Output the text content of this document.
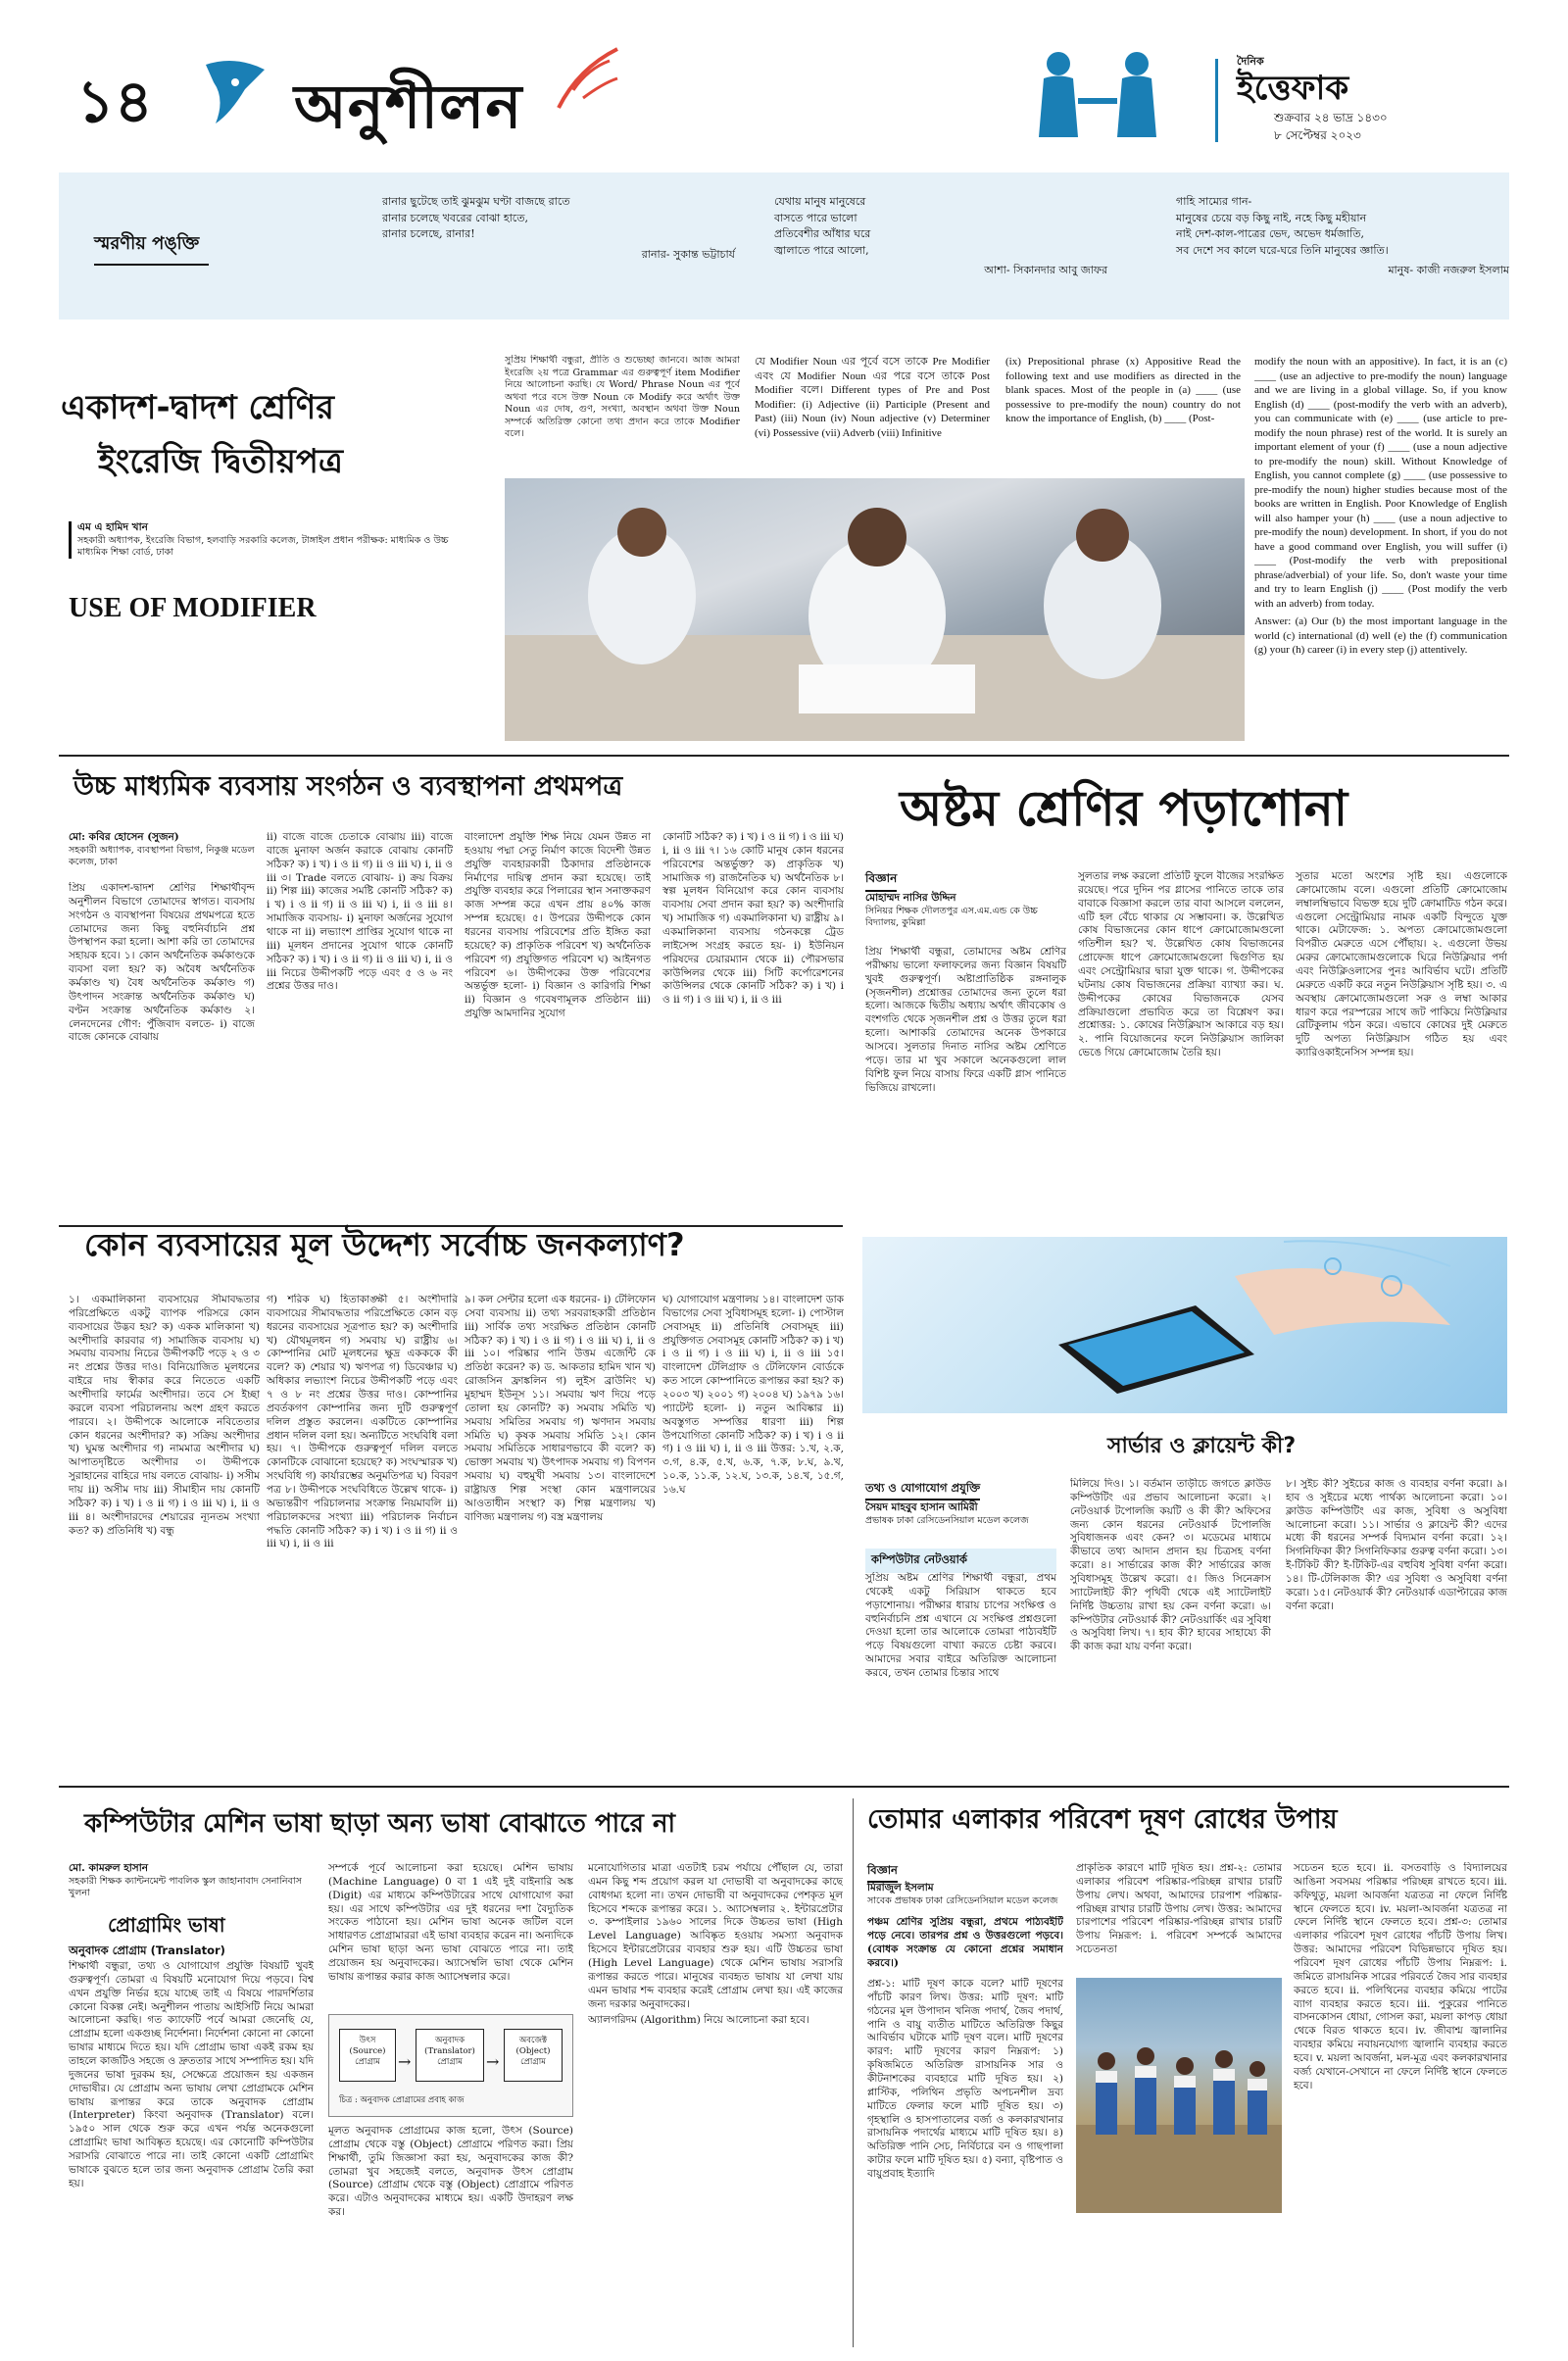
১৪ অনুশীলন
দৈনিক
ইত্তেফাক
শুক্রবার ২৪ ভাদ্র ১৪৩০
৮ সেপ্টেম্বর ২০২৩
স্মরণীয় পঙ্‌ক্তি
রানার ছুটেছে তাই ঝুমঝুম ঘণ্টা বাজছে রাতে
রানার চলেছে খবরের বোঝা হাতে,
রানার চলেছে, রানার!
রানার- সুকান্ত ভট্টাচার্য
যেথায় মানুষ মানুষেরে
বাসতে পারে ভালো
প্রতিবেশীর আঁধার ঘরে
জ্বালাতে পারে আলো,
আশা- সিকানদার আবু জাফর
গাহি সাম্যের গান-
মানুষের চেয়ে বড় কিছু নাই, নহে কিছু মহীয়ান
নাই দেশ-কাল-পাত্রের ভেদ, অভেদ ধর্মজাতি,
সব দেশে সব কালে ঘরে-ঘরে তিনি মানুষের জ্ঞাতি।
মানুষ- কাজী নজরুল ইসলাম
একাদশ-দ্বাদশ শ্রেণির
ইংরেজি দ্বিতীয়পত্র
এম এ হামিদ খান
সহকারী অধ্যাপক, ইংরেজি বিভাগ, হলবাড়ি সরকারি কলেজ, টাঙ্গাইল প্রধান পরীক্ষক: মাধ্যমিক ও উচ্চ মাধ্যমিক শিক্ষা বোর্ড, ঢাকা
USE OF MODIFIER
সুপ্রিয় শিক্ষার্থী বন্ধুরা, প্রীতি ও শুভেচ্ছা জানবে। আজ আমরা ইংরেজি ২য় পত্রে Grammar এর গুরুত্বপূর্ণ item Modifier নিয়ে আলোচনা করছি। যে Word/ Phrase Noun এর পূর্বে অথবা পরে বসে উক্ত Noun কে Modify করে অর্থাৎ উক্ত Noun এর দোষ, গুণ, সংখ্যা, অবস্থান অথবা উক্ত Noun সম্পর্কে অতিরিক্ত কোনো তথ্য প্রদান করে তাকে Modifier বলে।
যে Modifier Noun এর পূর্বে বসে তাকে Pre Modifier এবং যে Modifier Noun এর পরে বসে তাকে Post Modifier বলে। Different types of Pre and Post Modifier: (i) Adjective (ii) Participle (Present and Past) (iii) Noun (iv) Noun adjective (v) Determiner (vi) Possessive (vii) Adverb (viii) Infinitive
(ix) Prepositional phrase (x) Appositive Read the following text and use modifiers as directed in the blank spaces. Most of the people in (a) ____ (use possessive to pre-modify the noun) country do not know the importance of English, (b) ____ (Post-
modify the noun with an appositive). In fact, it is an (c) ____ (use an adjective to pre-modify the noun) language and we are living in a global village. So, if you know English (d) ____ (post-modify the verb with an adverb), you can communicate with (e) ____ (use article to pre-modify the noun phrase) rest of the world. It is surely an important element of your (f) ____ (use a noun adjective to pre-modify the noun) skill. Without Knowledge of English, you cannot complete (g) ____ (use possessive to pre-modify the noun) higher studies because most of the books are written in English. Poor Knowledge of English will also hamper your (h) ____ (use a noun adjective to pre-modify the noun) development. In short, if you do not have a good command over English, you will suffer (i) ____ (Post-modify the verb with prepositional phrase/adverbial) of your life. So, don't waste your time and try to learn English (j) ____ (Post modify the verb with an adverb) from today.
Answer: (a) Our (b) the most important language in the world (c) international (d) well (e) the (f) communication (g) your (h) career (i) in every step (j) attentively.
উচ্চ মাধ্যমিক ব্যবসায় সংগঠন ও ব্যবস্থাপনা প্রথমপত্র
মো: কবির হোসেন (সুজন)
সহকারী অধ্যাপক, ব্যবস্থাপনা বিভাগ, নিকুঞ্জ মডেল কলেজ, ঢাকা
প্রিয় একাদশ-দ্বাদশ শ্রেণির শিক্ষার্থীবৃন্দ অনুশীলন বিভাগে তোমাদের স্বাগত। ব্যবসায় সংগঠন ও ব্যবস্থাপনা বিষয়ের প্রথমপত্রে হতে তোমাদের জন্য কিছু বহুনির্বাচনি প্রশ্ন উপস্থাপন করা হলো। আশা করি তা তোমাদের সহায়ক হবে। ১। কোন অর্থনৈতিক কর্মকাণ্ডকে ব্যবসা বলা হয়? ক) অবৈধ অর্থনৈতিক কর্মকাণ্ড খ) বৈধ অর্থনৈতিক কর্মকাণ্ড গ) উৎপাদন সংক্রান্ত অর্থনৈতিক কর্মকাণ্ড ঘ) বণ্টন সংক্রান্ত অর্থনৈতিক কর্মকাণ্ড ২। লেনদেনের গৌণ: পুঁজিবাদ বলতে- i) বাজে বাজে কোনকে বোঝায়
ii) বাজে বাজে চেতাকে বোঝায় iii) বাজে বাজে মুনাফা অর্জন করাকে বোঝায় কোনটি সঠিক? ক) i খ) i ও ii গ) ii ও iii ঘ) i, ii ও iii ৩। Trade বলতে বোঝায়- i) ক্রয় বিক্রয় ii) শিল্প iii) কাজের সমষ্টি কোনটি সঠিক? ক) i খ) i ও ii গ) ii ও iii ঘ) i, ii ও iii ৪। সামাজিক ব্যবসায়- i) মুনাফা অর্জনের সুযোগ থাকে না ii) লভ্যাংশ প্রাপ্তির সুযোগ থাকে না iii) মূলধন প্রদানের সুযোগ থাকে কোনটি সঠিক? ক) i খ) i ও ii গ) ii ও iii ঘ) i, ii ও iii নিচের উদ্দীপকটি পড়ে এবং ৫ ও ৬ নং প্রশ্নের উত্তর দাও।
বাংলাদেশ প্রযুক্তি শিক্ষ নিয়ে যেমন উন্নত না হওয়ায় পদ্মা সেতু নির্মাণ কাজে বিদেশী উন্নত প্রযুক্তি ব্যবহারকারী ঠিকাদার প্রতিষ্ঠানকে নির্মাণের দায়িত্ব প্রদান করা হয়েছে। তাই প্রযুক্তি ব্যবহার করে পিলারের স্থান সনাক্তকরণ কাজ সম্পন্ন করে এখন প্রায় ৪০% কাজ সম্পন্ন হয়েছে। ৫। উপরের উদ্দীপকে কোন ধরনের ব্যবসায় পরিবেশের প্রতি ইঙ্গিত করা হয়েছে? ক) প্রাকৃতিক পরিবেশ খ) অর্থনৈতিক পরিবেশ গ) প্রযুক্তিগত পরিবেশ ঘ) আইনগত পরিবেশ ৬। উদ্দীপকের উক্ত পরিবেশের অন্তর্ভুক্ত হলো- i) বিজ্ঞান ও কারিগরি শিক্ষা ii) বিজ্ঞান ও গবেষণামূলক প্রতিষ্ঠান iii) প্রযুক্তি আমদানির সুযোগ
কোনটি সঠিক? ক) i খ) i ও ii গ) i ও iii ঘ) i, ii ও iii ৭। ১৬ কোটি মানুষ কোন ধরনের পরিবেশের অন্তর্ভুক্ত? ক) প্রাকৃতিক খ) সামাজিক গ) রাজনৈতিক ঘ) অর্থনৈতিক ৮। স্বল্প মূলধন বিনিয়োগ করে কোন ব্যবসায় ব্যবসায় সেবা প্রদান করা হয়? ক) অংশীদারি খ) সামাজিক গ) একমালিকানা ঘ) রাষ্ট্রীয় ৯। একমালিকানা ব্যবসায় গঠনকল্পে ট্রেড লাইসেন্স সংগ্রহ করতে হয়- i) ইউনিয়ন পরিষদের চেয়ারম্যান থেকে ii) পৌরসভার কাউন্সিলর থেকে iii) সিটি কর্পোরেশনের কাউন্সিলর থেকে কোনটি সঠিক? ক) i খ) i ও ii গ) i ও iii ঘ) i, ii ও iii
অষ্টম শ্রেণির পড়াশোনা
বিজ্ঞান
মোহাম্মদ নাসির উদ্দিন
সিনিয়র শিক্ষক দৌলতপুর এস.এম.এন্ড কে উচ্চ বিদ্যালয়, কুমিল্লা
প্রিয় শিক্ষার্থী বন্ধুরা, তোমাদের অষ্টম শ্রেণির পরীক্ষায় ভালো ফলাফলের জন্য বিজ্ঞান বিষয়টি খুবই গুরুত্বপূর্ণ। অষ্টাপ্রাতিষ্ঠিক রঙ্গনালুক (সৃজনশীল) প্রশ্নোত্তর তোমাদের জন্য তুলে ধরা হলো। আজকে দ্বিতীয় অধ্যায় অর্থাৎ জীবকোষ ও বংশগতি থেকে সৃজনশীল প্রশ্ন ও উত্তর তুলে ধরা হলো। আশাকরি তোমাদের অনেক উপকারে আসবে। সুলতার দিনাত নাসির অষ্টম শ্রেণিতে পড়ে। তার মা খুব সকালে অনেকগুলো লাল বিশিষ্ট ফুল নিয়ে বাসায় ফিরে একটি গ্লাস পানিতে ভিজিয়ে রাখলো।
সুলতার লক্ষ করলো প্রতিটি ফুলে বীজের সংরক্ষিত রয়েছে। পরে দুদিন পর গ্লাসের পানিতে তাকে তার বাবাকে বিজ্ঞাসা করলে তার বাবা আসলে বললেন, এটি হল বেঁচে থাকার যে সম্ভাবনা। ক. উল্লেখিত কোষ বিভাজনের কোন ধাপে ক্রোমোজোমগুলো গতিশীল হয়? খ. উল্লেখিত কোষ বিভাজনের প্রোফেজ ধাপে ক্রোমোজোমগুলো দ্বিগুণিত হয় এবং সেন্ট্রোমিয়ার দ্বারা যুক্ত থাকে। গ. উদ্দীপকের ঘটনায় কোষ বিভাজনের প্রক্রিয়া ব্যাখ্যা কর। ঘ. উদ্দীপকের কোষের বিভাজনকে যেসব প্রক্রিয়াগুলো প্রভাবিত করে তা বিশ্লেষণ কর। প্রশ্নোত্তর: ১. কোষের নিউক্লিয়াস আকারে বড় হয়। ২. পানি বিয়োজনের ফলে নিউক্লিয়াস জালিকা ভেঙে গিয়ে ক্রোমোজোম তৈরি হয়।
সুতার মতো অংশের সৃষ্টি হয়। এগুলোকে ক্রোমোজোম বলে। এগুলো প্রতিটি ক্রোমোজোম লম্বালম্বিভাবে বিভক্ত হয়ে দুটি ক্রোমাটিড গঠন করে। এগুলো সেন্ট্রোমিয়ার নামক একটি বিন্দুতে যুক্ত থাকে। মেটাফেজ: ১. অপত্য ক্রোমোজোমগুলো বিপরীত মেরুতে এসে পৌঁছায়। ২. এগুলো উভয় মেরুর ক্রোমোজোমগুলোকে ঘিরে নিউক্লিয়ার পর্দা এবং নিউক্লিওলাসের পুনঃ আবির্ভাব ঘটে। প্রতিটি মেরুতে একটি করে নতুন নিউক্লিয়াস সৃষ্টি হয়। ৩. এ অবস্থায় ক্রোমোজোমগুলো সরু ও লম্বা আকার ধারণ করে পরস্পরের সাথে জট পাকিয়ে নিউক্লিয়ার রেটিকুলাম গঠন করে। এভাবে কোষের দুই মেরুতে দুটি অপত্য নিউক্লিয়াস গঠিত হয় এবং ক্যারিওকাইনেসিস সম্পন্ন হয়।
কোন ব্যবসায়ের মূল উদ্দেশ্য সর্বোচ্চ জনকল্যাণ?
১। একমালিকানা ব্যবসায়ের সীমাবদ্ধতার পরিপ্রেক্ষিতে একটু ব্যাপক পরিসরে কোন ব্যবসায়ের উদ্ভব হয়? ক) একক মালিকানা খ) অংশীদারি কারবার গ) সামাজিক ব্যবসায় ঘ) সমবায় ব্যবসায় নিচের উদ্দীপকটি পড়ে ২ ও ৩ নং প্রশ্নের উত্তর দাও। বিনিয়োজিত মূলধনের বাইরে দায় স্বীকার করে নিতেতে একটি অংশীদারি ফার্মের অংশীদার। তবে সে ইচ্ছা করলে ব্যবসা পরিচালনায় অংশ গ্রহণ করতে পারবে। ২। উদ্দীপকে আলোকে নবিতেতার কোন ধরনের অংশীদার? ক) সক্রিয় অংশীদার খ) ঘুমন্ত অংশীদার গ) নামমাত্র অংশীদার ঘ) আপাতদৃষ্টিতে অংশীদার ৩। উদ্দীপকে সুরাহানের বাহিরে দায় বলতে বোঝায়- i) সসীম দায় ii) অসীম দায় iii) সীমাহীন দায় কোনটি সঠিক? ক) i খ) i ও ii গ) i ও iii ঘ) i, ii ও iii ৪। অংশীদারদের শেয়ারের ন্যূনতম সংখ্যা কত? ক) প্রতিনিধি খ) বন্ধু
গ) শরিক ঘ) হিতাকাঙ্ক্ষী ৫। অংশীদারি ব্যবসায়ের সীমাবদ্ধতার পরিপ্রেক্ষিতে কোন বড় ধরনের ব্যবসায়ের সূত্রপাত হয়? ক) অংশীদারি খ) যৌথমূলধন গ) সমবায় ঘ) রাষ্ট্রীয় ৬। কোম্পানির মোট মূলধনের ক্ষুদ্র একককে কী বলে? ক) শেয়ার খ) ঋণপত্র গ) ডিবেঞ্চার ঘ) অধিকার লভ্যাংশ নিচের উদ্দীপকটি পড়ে এবং ৭ ও ৮ নং প্রশ্নের উত্তর দাও। কোম্পানির প্রবর্তকগণ কোম্পানির জন্য দুটি গুরুত্বপূর্ণ দলিল প্রস্তুত করলেন। একটিতে কোম্পানির প্রধান দলিল বলা হয়। অন্যটিতে সংঘবিধি বলা হয়। ৭। উদ্দীপকে গুরুত্বপূর্ণ দলিল বলতে কোনটিকে বোঝানো হয়েছে? ক) সংঘস্মারক খ) সংঘবিধি গ) কার্যারম্ভের অনুমতিপত্র ঘ) বিবরণ পত্র ৮। উদ্দীপকে সংঘবিধিতে উল্লেখ থাকে- i) অভ্যন্তরীণ পরিচালনার সংক্রান্ত নিয়মাবলি ii) পরিচালকদের সংখ্যা iii) পরিচালক নির্বাচন পদ্ধতি কোনটি সঠিক? ক) i খ) i ও ii গ) ii ও iii ঘ) i, ii ও iii
৯। কল সেন্টার হলো এক ধরনের- i) টেলিফোন সেবা ব্যবসায় ii) তথ্য সরবরাহকারী প্রতিষ্ঠান iii) সার্বিক তথ্য সংরক্ষিত প্রতিষ্ঠান কোনটি সঠিক? ক) i খ) i ও ii গ) i ও iii ঘ) i, ii ও iii ১০। পরিষ্কার পানি উত্তম এজেন্টি কে প্রতিষ্ঠা করেন? ক) ড. আকতার হামিদ খান খ) রোজসিন ফ্রাঙ্কলিন গ) লুইস ব্রাউনিং ঘ) মুহাম্মদ ইউনূস ১১। সমবায় ঋণ দিয়ে পড়ে তোলা হয় কোনটি? ক) সমবায় সমিতি খ) সমবায় সমিতির সমবায় গ) ঋণদান সমবায় সমিতি ঘ) কৃষক সমবায় সমিতি ১২। কোন সমবায় সমিতিকে সাধারণভাবে কী বলে? ক) ভোক্তা সমবায় খ) উৎপাদক সমবায় গ) বিপণন সমবায় ঘ) বহুমুখী সমবায় ১৩। বাংলাদেশে রাষ্ট্রায়ত্ত শিল্প সংস্থা কোন মন্ত্রণালয়ের আওতাধীন সংস্থা? ক) শিল্প মন্ত্রণালয় খ) বাণিজ্য মন্ত্রণালয় গ) বস্ত্র মন্ত্রণালয়
ঘ) যোগাযোগ মন্ত্রণালয় ১৪। বাংলাদেশ ডাক বিভাগের সেবা সুবিধাসমূহ হলো- i) পোস্টাল সেবাসমূহ ii) প্রতিনিধি সেবাসমূহ iii) প্রযুক্তিগত সেবাসমূহ কোনটি সঠিক? ক) i খ) i ও ii গ) i ও iii ঘ) i, ii ও iii ১৫। বাংলাদেশ টেলিগ্রাফ ও টেলিফোন বোর্ডকে কত সালে কোম্পানিতে রূপান্তর করা হয়? ক) ২০০৩ খ) ২০০১ গ) ২০০৪ ঘ) ১৯৭৯ ১৬। প্যাটেন্ট হলো- i) নতুন আবিষ্কার ii) অবস্তুগত সম্পত্তির ধারণা iii) শিল্প উপযোগিতা কোনটি সঠিক? ক) i খ) i ও ii গ) i ও iii ঘ) i, ii ও iii উত্তর: ১.খ, ২.ক, ৩.গ, ৪.ক, ৫.খ, ৬.ক, ৭.ক, ৮.ঘ, ৯.খ, ১০.ক, ১১.ক, ১২.ঘ, ১৩.ক, ১৪.খ, ১৫.গ, ১৬.ঘ
সার্ভার ও ক্লায়েন্ট কী?
তথ্য ও যোগাযোগ প্রযুক্তি
সৈয়দ মাহবুব হাসান আমিরী
প্রভাষক ঢাকা রেসিডেনসিয়াল মডেল কলেজ
কম্পিউটার নেটওয়ার্ক
সুপ্রিয় অষ্টম শ্রেণির শিক্ষার্থী বন্ধুরা, প্রথম থেকেই একটু সিরিয়াস থাকতে হবে পড়াশোনায়। পরীক্ষার ধারায় চাপের সংক্ষিপ্ত ও বহুনির্বাচনি প্রশ্ন এখানে যে সংক্ষিপ্ত প্রশ্নগুলো দেওয়া হলো তার আলোকে তোমরা পাঠ্যবইটি পড়ে বিষয়গুলো বাখ্যা করতে চেষ্টা করবে। আমাদের সবার বাইরে অতিরিক্ত আলোচনা করবে, তখন তোমার চিন্তার সাথে
মিলিয়ে দিও। ১। বর্তমান তাড়ীচে জগতে ক্লাউড কম্পিউটিং এর প্রভাব আলোচনা করো। ২। নেটওয়ার্ক টপোলজি কয়টি ও কী কী? অফিসের জন্য কোন ধরনের নেটওয়ার্ক টপোলজি সুবিধাজনক এবং কেন? ৩। মডেমের মাধ্যমে কীভাবে তথ্য আদান প্রদান হয় চিত্রসহ বর্ণনা করো। ৪। সার্ভারের কাজ কী? সার্ভারের কাজ সুবিধাসমূহ উল্লেখ করো। ৫। জিও সিনেক্রাস স্যাটেলাইট কী? পৃথিবী থেকে এই স্যাটেলাইট নির্দিষ্ট উচ্চতায় রাখা হয় কেন বর্ণনা করো। ৬। কম্পিউটার নেটওয়ার্ক কী? নেটওয়ার্কিং এর সুবিধা ও অসুবিধা লিখ। ৭। হাব কী? হাবের সাহায্যে কী কী কাজ করা যায় বর্ণনা করো।
৮। সুইচ কী? সুইচের কাজ ও ব্যবহার বর্ণনা করো। ৯। হাব ও সুইচের মধ্যে পার্থক্য আলোচনা করো। ১০। ক্লাউড কম্পিউটিং এর কাজ, সুবিধা ও অসুবিধা আলোচনা করো। ১১। সার্ভার ও ক্লায়েন্ট কী? এদের মধ্যে কী ধরনের সম্পর্ক বিদ্যমান বর্ণনা করো। ১২। সিগনিফিকা কী? সিগনিফিকার গুরুত্ব বর্ণনা করো। ১৩। ই-টিকিট কী? ই-টিকিট-এর বহুবিধ সুবিধা বর্ণনা করো। ১৪। টি-টেলিকাজ কী? এর সুবিধা ও অসুবিধা বর্ণনা করো। ১৫। নেটওয়ার্ক কী? নেটওয়ার্ক এডাপ্টারের কাজ বর্ণনা করো।
কম্পিউটার মেশিন ভাষা ছাড়া অন্য ভাষা বোঝাতে পারে না
মো. কামরুল হাসান
সহকারী শিক্ষক ক্যান্টনমেন্ট পাবলিক স্কুল জাহানাবাদ সেনানিবাস খুলনা
প্রোগ্রামিং ভাষা
অনুবাদক প্রোগ্রাম (Translator)
শিক্ষার্থী বন্ধুরা, তথ্য ও যোগাযোগ প্রযুক্তি বিষয়টি খুবই গুরুত্বপূর্ণ। তোমরা এ বিষয়টি মনোযোগ দিয়ে পড়বে। বিশ্ব এখন প্রযুক্তি নির্ভর হয়ে যাচ্ছে তাই এ বিষয়ে পারদর্শিতার কোনো বিকল্প নেই। অনুশীলন পাতায় আইসিটি নিয়ে আমরা আলোচনা করছি। গত ক্যাফেটি পর্বে আমরা জেনেছি যে, প্রোগ্রাম হলো একগুচ্ছ নির্দেশনা। নির্দেশনা কোনো না কোনো ভাষার মাধ্যমে দিতে হয়। যদি প্রোগ্রাম ভাষা একই রকম হয় তাহলে কাজটিও সহজে ও দ্রুততার সাথে সম্পাদিত হয়। যদি দুজনের ভাষা দুরকম হয়, সেক্ষেত্রে প্রয়োজন হয় একজন দোভাষীর। যে প্রোগ্রাম অন্য ভাষায় লেখা প্রোগ্রামকে মেশিন ভাষায় রূপান্তর করে তাকে অনুবাদক প্রোগ্রাম (Interpreter) কিংবা অনুবাদক (Translator) বলে। ১৯৫০ সাল থেকে শুরু করে এখন পর্যন্ত অনেকগুলো প্রোগ্রামিং ভাষা আবিষ্কৃত হয়েছে। এর কোনোটি কম্পিউটার সরাসরি বোঝাতে পারে না। তাই কোনো একটি প্রোগ্রামিং ভাষাকে বুঝতে হলে তার জন্য অনুবাদক প্রোগ্রাম তৈরি করা হয়।
সম্পর্কে পূর্বে আলোচনা করা হয়েছে। মেশিন ভাষায় (Machine Language) 0 বা 1 এই দুই বাইনারি অঙ্ক (Digit) এর মাধ্যমে কম্পিউটারের সাথে যোগাযোগ করা হয়। এর সাথে কম্পিউটার এর দুই ধরনের দশা বৈদ্যুতিক সংকেত পাঠানো হয়। মেশিন ভাষা অনেক জটিল বলে সাধারণত প্রোগ্রামাররা এই ভাষা ব্যবহার করেন না। অন্যদিকে মেশিন ভাষা ছাড়া অন্য ভাষা বোঝতে পারে না। তাই প্রয়োজন হয় অনুবাদকের। অ্যাসেম্বলি ভাষা থেকে মেশিন ভাষায় রূপান্তর করার কাজ অ্যাসেম্বলার করে।
উৎস
(Source)
প্রোগ্রাম	→
অনুবাদক
(Translator)
প্রোগ্রাম	→
অবজেক্ট
(Object)
প্রোগ্রাম
চিত্র : অনুবাদক প্রোগ্রামের প্রবাহ কাজ
মূলত অনুবাদক প্রোগ্রামের কাজ হলো, উৎস (Source) প্রোগ্রাম থেকে বস্তু (Object) প্রোগ্রামে পরিণত করা। প্রিয় শিক্ষার্থী, তুমি জিজ্ঞাসা করা হয়, অনুবাদকের কাজ কী? তোমরা খুব সহজেই বলতে, অনুবাদক উৎস প্রোগ্রাম (Source) প্রোগ্রাম থেকে বস্তু (Object) প্রোগ্রামে পরিণত করে। এটাও অনুবাদকের মাধ্যমে হয়। একটি উদাহরণ লক্ষ কর।
মনোযোগিতার মাত্রা এতটাই চরম পর্যায়ে পৌঁছাল যে, তারা এমন কিছু শব্দ প্রয়োগ করল যা দোভাষী বা অনুবাদকের কাছে বোধগম্য হলো না। তখন দোভাষী বা অনুবাদকের পেশকৃত মূল হিসেবে শব্দকে রূপান্তর করে। ১. অ্যাসেম্বলার ২. ইন্টারপ্রেটার ৩. কম্পাইলার ১৯৬০ সালের দিকে উচ্চতর ভাষা (High Level Language) আবিষ্কৃত হওয়ায় সমস্যা অনুবাদক হিসেবে ইন্টারপ্রেটারের ব্যবহার শুরু হয়। এটি উচ্চতর ভাষা (High Level Language) থেকে মেশিন ভাষায় সরাসরি রূপান্তর করতে পারে। মানুষের ব্যবহৃত ভাষায় যা লেখা যায় এমন ভাষার শব্দ ব্যবহার করেই প্রোগ্রাম লেখা হয়। এই কাজের জন্য দরকার অনুবাদকের।
অ্যালগরিদম (Algorithm) নিয়ে আলোচনা করা হবে।
তোমার এলাকার পরিবেশ দূষণ রোধের উপায়
বিজ্ঞান
মিরাজুল ইসলাম
সাবেক প্রভাষক ঢাকা রেসিডেনসিয়াল মডেল কলেজ
পঞ্চম শ্রেণির সুপ্রিয় বন্ধুরা, প্রথমে পাঠ্যবইটি পড়ে নেবে। তারপর প্রশ্ন ও উত্তরগুলো পড়বে। (বোধক সংক্রান্ত যে কোনো প্রশ্নের সমাধান করবে।)
প্রশ্ন-১: মাটি দূষণ কাকে বলে? মাটি দূষণের পাঁচটি কারণ লিখ। উত্তর: মাটি দূষণ: মাটি গঠনের মূল উপাদান খনিজ পদার্থ, জৈব পদার্থ, পানি ও বায়ু ব্যতীত মাটিতে অতিরিক্ত কিছুর আবির্ভাব ঘটাকে মাটি দূষণ বলে। মাটি দূষণের কারণ: মাটি দূষণের কারণ নিম্নরূপ: ১) কৃষিজমিতে অতিরিক্ত রাসায়নিক সার ও কীটনাশকের ব্যবহারে মাটি দূষিত হয়। ২) প্লাস্টিক, পলিথিন প্রভৃতি অপচনশীল দ্রব্য মাটিতে ফেলার ফলে মাটি দূষিত হয়। ৩) গৃহস্থালি ও হাসপাতালের বর্জ্য ও কলকারখানার রাসায়নিক পদার্থের মাধ্যমে মাটি দূষিত হয়। ৪) অতিরিক্ত পানি সেচ, নির্বিচারে বন ও গাছপালা কাটার ফলে মাটি দূষিত হয়। ৫) বন্যা, বৃষ্টিপাত ও বায়ুপ্রবাহ ইত্যাদি
প্রাকৃতিক কারণে মাটি দূষিত হয়। প্রশ্ন-২: তোমার এলাকার পরিবেশ পরিষ্কার-পরিচ্ছন্ন রাখার চারটি উপায় লেখ। অথবা, আমাদের চারপাশ পরিষ্কার-পরিচ্ছন্ন রাখার চারটি উপায় লেখ। উত্তর: আমাদের চারপাশের পরিবেশ পরিষ্কার-পরিচ্ছন্ন রাখার চারটি উপায় নিম্নরূপ: i. পরিবেশ সম্পর্কে আমাদের সচেতনতা
সচেতন হতে হবে। ii. বসতবাড়ি ও বিদ্যালয়ের আঙিনা সবসময় পরিষ্কার পরিচ্ছন্ন রাখতে হবে। iii. কফিথুতু, ময়লা আবর্জনা যত্রতত্র না ফেলে নির্দিষ্ট স্থানে ফেলতে হবে। iv. ময়লা-আবর্জনা যত্রতত্র না ফেলে নির্দিষ্ট স্থানে ফেলতে হবে। প্রশ্ন-৩: তোমার এলাকার পরিবেশ দূষণ রোধের পাঁচটি উপায় লিখ। উত্তর: আমাদের পরিবেশ বিভিন্নভাবে দূষিত হয়। পরিবেশ দূষণ রোধের পাঁচটি উপায় নিম্নরূপ: i. জমিতে রাসায়নিক সারের পরিবর্তে জৈব সার ব্যবহার করতে হবে। ii. পলিথিনের ব্যবহার কমিয়ে পাটের ব্যাগ ব্যবহার করতে হবে। iii. পুকুরের পানিতে বাসনকোসন ধোয়া, গোসল করা, ময়লা কাপড় ধোয়া থেকে বিরত থাকতে হবে। iv. জীবাশ্ম জ্বালানির ব্যবহার কমিয়ে নবায়নযোগ্য জ্বালানি ব্যবহার করতে হবে। v. ময়লা আবর্জনা, মল-মূত্র এবং কলকারখানার বর্জ্য যেখানে-সেখানে না ফেলে নির্দিষ্ট স্থানে ফেলতে হবে।
